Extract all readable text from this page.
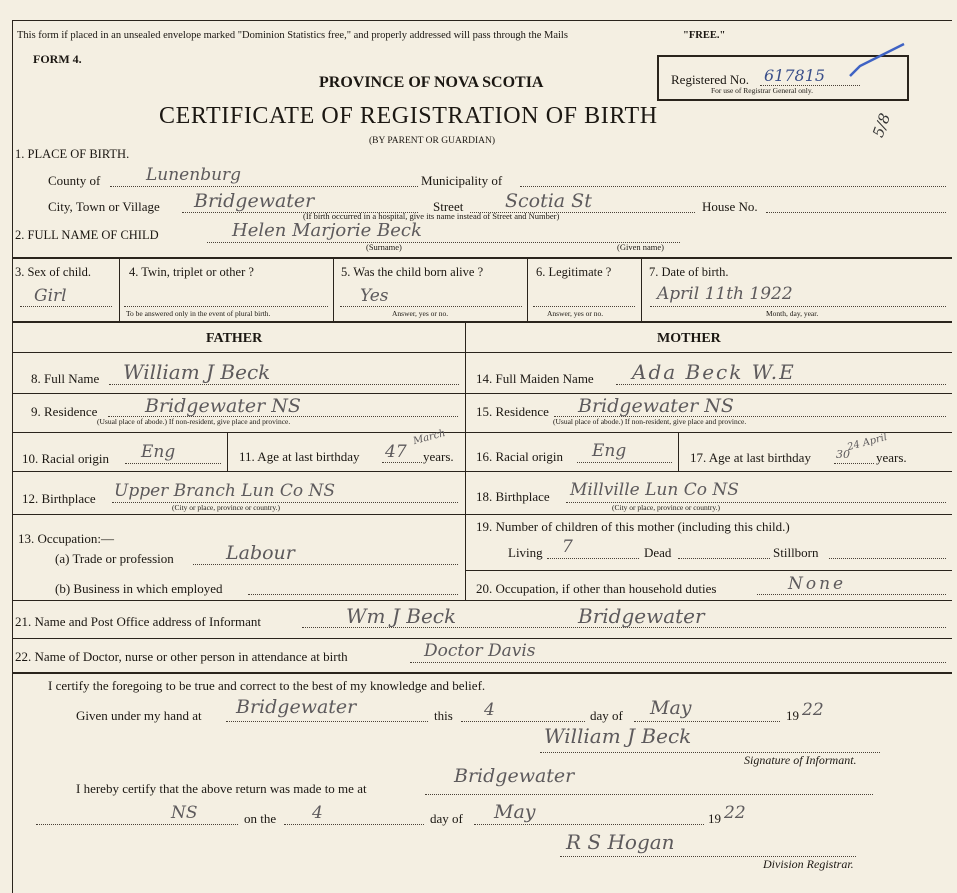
This form if placed in an unsealed envelope marked "Dominion Statistics free," and properly addressed will pass through the Mails	"FREE."
FORM 4.
PROVINCE OF NOVA SCOTIA	Registered No. 617815
For use of Registrar General only.
5/8
CERTIFICATE OF REGISTRATION OF BIRTH
(BY PARENT OR GUARDIAN)
1. PLACE OF BIRTH.
County of	Lunenburg	Municipality of
City, Town or Village Bridgewater	Street Scotia St	House No.
(If birth occurred in a hospital, give its name instead of Street and Number)
2. FULL NAME OF CHILD	Helen Marjorie Beck
(Surname)	(Given name)
3. Sex of child.
Girl
4. Twin, triplet or other ?
To be answered only in the event of plural birth.
5. Was the child born alive ?
Yes
Answer, yes or no.
6. Legitimate ?
Answer, yes or no.
7. Date of birth.
April 11th 1922
Month, day, year.
FATHER	MOTHER
8. Full Name William J Beck
9. Residence	Bridgewater NS
(Usual place of abode.) If non-resident, give place and province.
10. Racial origin Eng	11. Age at last birthday 47
March
years.
12. Birthplace Upper Branch Lun Co NS
(City or place, province or country.)
13. Occupation:—
(a) Trade or profession	Labour
(b) Business in which employed
14. Full Maiden Name Ada Beck W.E
15. Residence Bridgewater NS
(Usual place of abode.) If non-resident, give place and province.
16. Racial origin Eng	17. Age at last birthday 30
24 April
years.
18. Birthplace Millville Lun Co NS
(City or place, province or country.)
19. Number of children of this mother (including this child.)
Living 7	Dead	Stillborn
20. Occupation, if other than household duties	None
21. Name and Post Office address of Informant	Wm J Beck	Bridgewater
22. Name of Doctor, nurse or other person in attendance at birth	Doctor Davis
I certify the foregoing to be true and correct to the best of my knowledge and belief.
Given under my hand at Bridgewater	this 4	day of May	19 22
William J Beck
Signature of Informant.
I hereby certify that the above return was made to me at
Bridgewater
NS	on the 4	day of May	19 22
R S Hogan
Division Registrar.
